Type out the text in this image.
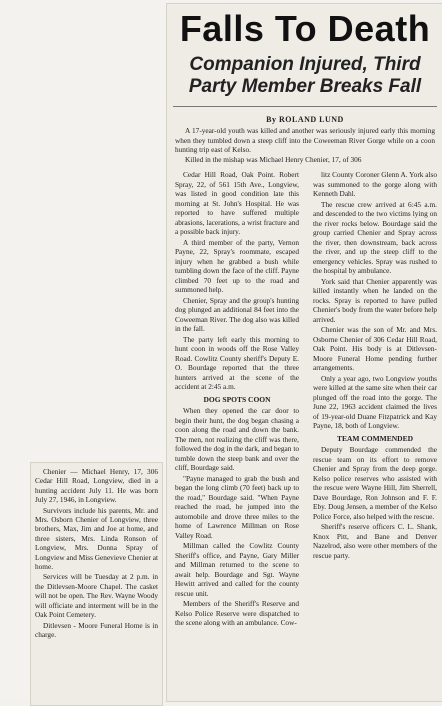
Falls To Death
Companion Injured, Third Party Member Breaks Fall
By ROLAND LUND

A 17-year-old youth was killed and another was seriously injured early this morning when they tumbled down a steep cliff into the Coweeman River Gorge while on a coon hunting trip east of Kelso.

Killed in the mishap was Michael Henry Chenier, 17, of 306

Cedar Hill Road, Oak Point. Robert Spray, 22, of 561 15th Ave., Longview, was listed in good condition late this morning at St. John's Hospital. He was reported to have suffered multiple abrasions, lacerations, a wrist fracture and a possible back injury.

A third member of the party, Vernon Payne, 22, Spray's roommate, escaped injury when he grabbed a bush while tumbling down the face of the cliff. Payne climbed 70 feet up to the road and summoned help.

Chenier, Spray and the group's hunting dog plunged an additional 84 feet into the Coweeman River. The dog also was killed in the fall.

The party left early this morning to hunt coon in woods off the Rose Valley Road. Cowlitz County sheriff's Deputy E. O. Bourdage reported that the three hunters arrived at the scene of the accident at 2:45 a.m.

DOG SPOTS COON

When they opened the car door to begin their hunt, the dog began chasing a coon along the road and down the bank. The men, not realizing the cliff was there, followed the dog in the dark, and began to tumble down the steep bank and over the cliff, Bourdage said.

"Payne managed to grab the bush and began the long climb (70 feet) back up to the road," Bourdage said. "When Payne reached the road, he jumped into the automobile and drove three miles to the home of Lawrence Millman on Rose Valley Road.

Millman called the Cowlitz County Sheriff's office, and Payne, Gary Miller and Millman returned to the scene to await help. Bourdage and Sgt. Wayne Hewitt arrived and called for the county rescue unit.

Members of the Sheriff's Reserve and Kelso Police Reserve were dispatched to the scene along with an ambulance. Cow-

litz County Coroner Glenn A. York also was summoned to the gorge along with Kenneth Dahl.

The rescue crew arrived at 6:45 a.m. and descended to the two victims lying on the river rocks below. Bourdage said the group carried Chenier and Spray across the river, then downstream, back across the river, and up the steep cliff to the emergency vehicles. Spray was rushed to the hospital by ambulance.

York said that Chenier apparently was killed instantly when he landed on the rocks. Spray is reported to have pulled Chenier's body from the water before help arrived.

Chenier was the son of Mr. and Mrs. Osborne Chenier of 306 Cedar Hill Road, Oak Point. His body is at Ditlevsen-Moore Funeral Home pending further arrangements.

Only a year ago, two Longview youths were killed at the same site when their car plunged off the road into the gorge. The June 22, 1963 accident claimed the lives of 19-year-old Duane Fitzpatrick and Kay Payne, 18, both of Longview.

TEAM COMMENDED

Deputy Bourdage commended the rescue team on its effort to remove Chenier and Spray from the deep gorge. Kelso police reserves who assisted with the rescue were Wayne Hill, Jim Sherrell, Dave Bourdage, Ron Johnson and F. F. Eby. Doug Jensen, a member of the Kelso Police Force, also helped with the rescue.

Sheriff's reserve officers C. L. Shank, Knox Pitt, and Bane and Denver Nazelrod, also were other members of the rescue party.

Chenier — Michael Henry, 17, 306 Cedar Hill Road, Longview, died in a hunting accident July 11. He was born July 27, 1946, in Longview.

Survivors include his parents, Mr. and Mrs. Osborn Chenier of Longview, three brothers, Max, Jim and Joe at home, and three sisters, Mrs. Linda Ronson of Longview, Mrs. Donna Spray of Longview and Miss Genevieve Chenier at home.

Services will be Tuesday at 2 p.m. in the Ditlevsen-Moore Chapel. The casket will not be open. The Rev. Wayne Woody will officiate and interment will be in the Oak Point Cemetery.

Ditlevsen - Moore Funeral Home is in charge.
